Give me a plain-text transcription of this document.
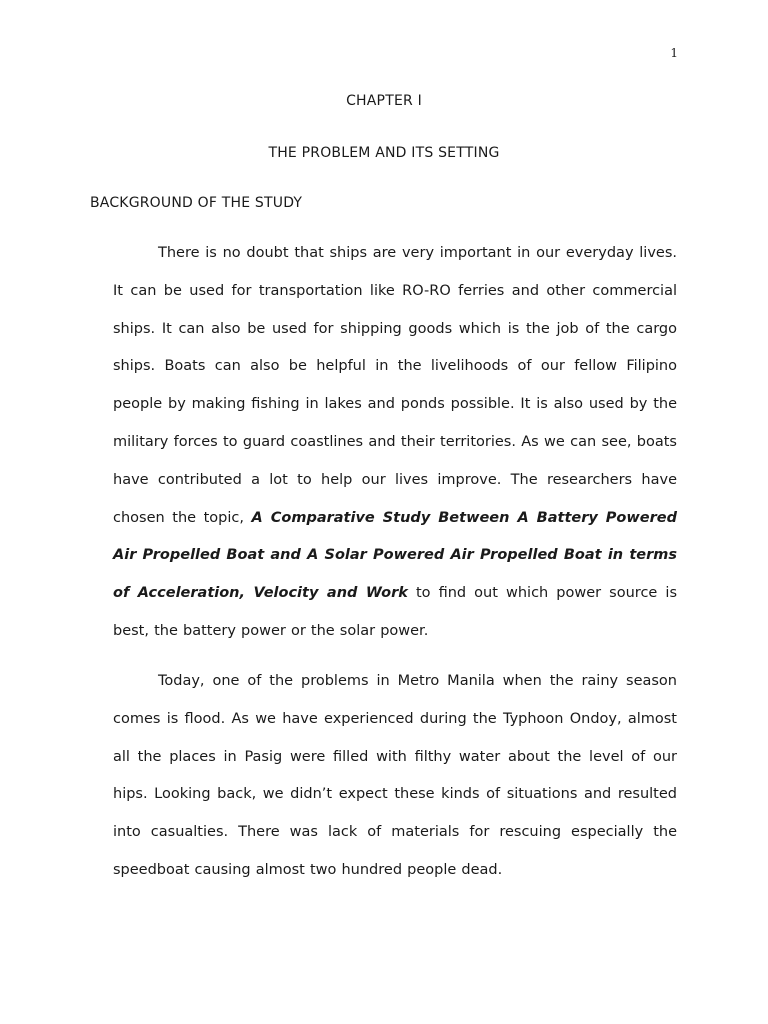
1
CHAPTER I
THE PROBLEM AND ITS SETTING
BACKGROUND OF THE STUDY

There is no doubt that ships are very important in our everyday lives. It can be used for transportation like RO-RO ferries and other commercial ships. It can also be used for shipping goods which is the job of the cargo ships. Boats can also be helpful in the livelihoods of our fellow Filipino people by making fishing in lakes and ponds possible. It is also used by the military forces to guard coastlines and their territories. As we can see, boats have contributed a lot to help our lives improve. The researchers have chosen the topic, A Comparative Study Between A Battery Powered Air Propelled Boat and A Solar Powered Air Propelled Boat in terms of Acceleration, Velocity and Work to find out which power source is best, the battery power or the solar power.

Today, one of the problems in Metro Manila when the rainy season comes is flood. As we have experienced during the Typhoon Ondoy, almost all the places in Pasig were filled with filthy water about the level of our hips. Looking back, we didn’t expect these kinds of situations and resulted into casualties. There was lack of materials for rescuing especially the speedboat causing almost two hundred people dead.
